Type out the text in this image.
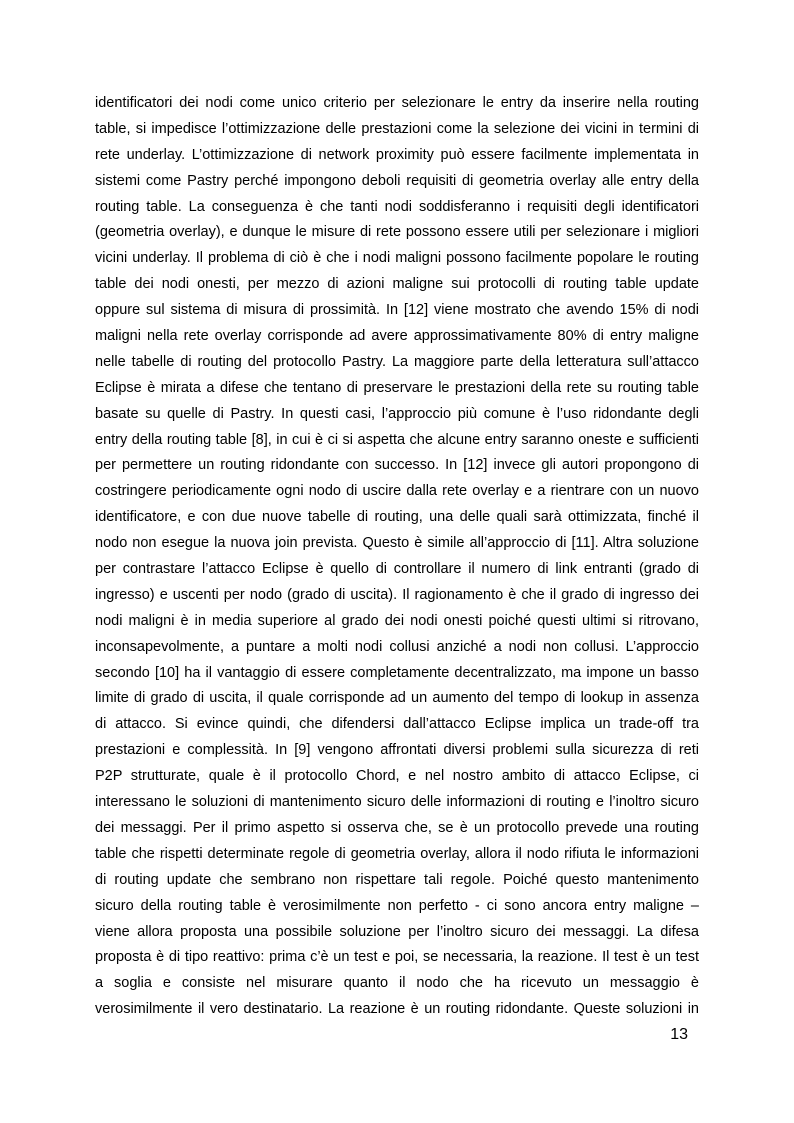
identificatori dei nodi come unico criterio per selezionare le entry da inserire nella routing
table, si impedisce l’ottimizzazione delle prestazioni come la selezione dei vicini in termini di
rete underlay. L’ottimizzazione di network proximity può essere facilmente implementata in
sistemi come Pastry perché impongono deboli requisiti di geometria overlay alle entry della
routing table. La conseguenza è che tanti nodi soddisferanno i requisiti degli identificatori
(geometria overlay), e dunque le misure di rete possono essere utili per selezionare i migliori
vicini underlay. Il problema di ciò è che i nodi maligni possono facilmente popolare le routing
table dei nodi onesti, per mezzo di azioni maligne sui protocolli di routing table update
oppure sul sistema di misura di prossimità. In [12] viene mostrato che avendo 15% di nodi
maligni nella rete overlay corrisponde ad avere approssimativamente 80% di entry maligne
nelle tabelle di routing del protocollo Pastry. La maggiore parte della letteratura sull’attacco
Eclipse è mirata a difese che tentano di preservare le prestazioni della rete su routing table
basate su quelle di Pastry. In questi casi, l’approccio più comune è l’uso ridondante degli
entry della routing table [8], in cui è ci si aspetta che alcune entry saranno oneste e sufficienti
per permettere un routing ridondante con successo. In [12] invece gli autori propongono di
costringere periodicamente ogni nodo di uscire dalla rete overlay e a rientrare con un nuovo
identificatore, e con due nuove tabelle di routing, una delle quali sarà ottimizzata, finché il
nodo non esegue la nuova join prevista. Questo è simile all’approccio di [11]. Altra soluzione
per contrastare l’attacco Eclipse è quello di controllare il numero di link entranti (grado di
ingresso) e uscenti per nodo (grado di uscita). Il ragionamento è che il grado di ingresso dei
nodi maligni è in media superiore al grado dei nodi onesti poiché questi ultimi si ritrovano,
inconsapevolmente, a puntare a molti nodi collusi anziché a nodi non collusi. L’approccio
secondo [10] ha il vantaggio di essere completamente decentralizzato, ma impone un basso
limite di grado di uscita, il quale corrisponde ad un aumento del tempo di lookup in assenza
di attacco. Si evince quindi, che difendersi dall’attacco Eclipse implica un trade-off tra
prestazioni e complessità. In [9] vengono affrontati diversi problemi sulla sicurezza di reti
P2P strutturate, quale è il protocollo Chord, e nel nostro ambito di attacco Eclipse, ci
interessano le soluzioni di mantenimento sicuro delle informazioni di routing e l’inoltro sicuro
dei messaggi. Per il primo aspetto si osserva che, se è un protocollo prevede una routing
table che rispetti determinate regole di geometria overlay, allora il nodo rifiuta le informazioni
di routing update che sembrano non rispettare tali regole. Poiché questo mantenimento
sicuro della routing table è verosimilmente non perfetto - ci sono ancora entry maligne –
viene allora proposta una possibile soluzione per l’inoltro sicuro dei messaggi. La difesa
proposta è di tipo reattivo: prima c’è un test e poi, se necessaria, la reazione. Il test è un test
a soglia e consiste nel misurare quanto il nodo che ha ricevuto un messaggio è
verosimilmente il vero destinatario. La reazione è un routing ridondante. Queste soluzioni in
13
